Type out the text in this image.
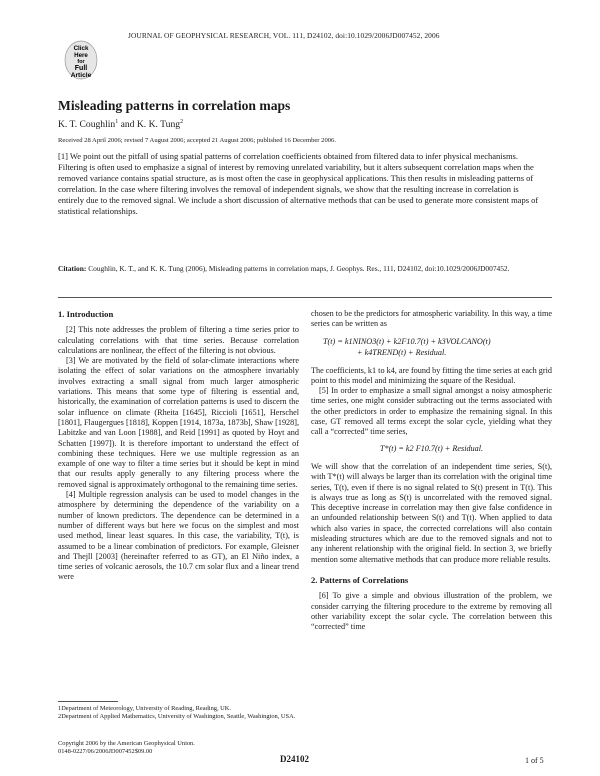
JOURNAL OF GEOPHYSICAL RESEARCH, VOL. 111, D24102, doi:10.1029/2006JD007452, 2006
Click
Here
for
Full
Article
Misleading patterns in correlation maps
K. T. Coughlin$^1$ and K. K. Tung$^2$
Received 28 April 2006; revised 7 August 2006; accepted 21 August 2006; published 16 December 2006.

[1] We point out the pitfall of using spatial patterns of correlation coefficients obtained from filtered data to infer physical mechanisms. Filtering is often used to emphasize a signal of interest by removing unrelated variability, but it alters subsequent correlation maps when the removed variance contains spatial structure, as is most often the case in geophysical applications. This then results in misleading patterns of correlation. In the case where filtering involves the removal of independent signals, we show that the resulting increase in correlation is entirely due to the removed signal. We include a short discussion of alternative methods that can be used to generate more consistent maps of statistical relationships.

Citation: Coughlin, K. T., and K. K. Tung (2006), Misleading patterns in correlation maps, J. Geophys. Res., 111, D24102, doi:10.1029/2006JD007452.

1. Introduction

[2] This note addresses the problem of filtering a time series prior to calculating correlations with that time series. Because correlation calculations are nonlinear, the effect of the filtering is not obvious.

[3] We are motivated by the field of solar-climate interactions where isolating the effect of solar variations on the atmosphere invariably involves extracting a small signal from much larger atmospheric variations. This means that some type of filtering is essential and, historically, the examination of correlation patterns is used to discern the solar influence on climate (Rheita [1645], Riccioli [1651], Herschel [1801], Flaugergues [1818], Koppen [1914, 1873a, 1873b], Shaw [1928], Labitzke and van Loon [1988], and Reid [1991] as quoted by Hoyt and Schatten [1997]). It is therefore important to understand the effect of combining these techniques. Here we use multiple regression as an example of one way to filter a time series but it should be kept in mind that our results apply generally to any filtering process where the removed signal is approximately orthogonal to the remaining time series.

[4] Multiple regression analysis can be used to model changes in the atmosphere by determining the dependence of the variability on a number of known predictors. The dependence can be determined in a number of different ways but here we focus on the simplest and most used method, linear least squares. In this case, the variability, T(t), is assumed to be a linear combination of predictors. For example, Gleisner and Thejll [2003] (hereinafter referred to as GT), an El Niño index, a time series of volcanic aerosols, the 10.7 cm solar flux and a linear trend were

chosen to be the predictors for atmospheric variability. In this way, a time series can be written as

T(t) = k1NINO3(t) + k2F10.7(t) + k3VOLCANO(t)
+ k4TREND(t) + Residual.

The coefficients, k1 to k4, are found by fitting the time series at each grid point to this model and minimizing the square of the Residual.

[5] In order to emphasize a small signal amongst a noisy atmospheric time series, one might consider subtracting out the terms associated with the other predictors in order to emphasize the remaining signal. In this case, GT removed all terms except the solar cycle, yielding what they call a “corrected” time series,

T*(t) = k2 F10.7(t) + Residual.

We will show that the correlation of an independent time series, S(t), with T*(t) will always be larger than its correlation with the original time series, T(t), even if there is no signal related to S(t) present in T(t). This is always true as long as S(t) is uncorrelated with the removed signal. This deceptive increase in correlation may then give false confidence in an unfounded relationship between S(t) and T(t). When applied to data which also varies in space, the corrected correlations will also contain misleading structures which are due to the removed signals and not to any inherent relationship with the original field. In section 3, we briefly mention some alternative methods that can produce more reliable results.

2. Patterns of Correlations

[6] To give a simple and obvious illustration of the problem, we consider carrying the filtering procedure to the extreme by removing all other variability except the solar cycle. The correlation between this “corrected” time

1Department of Meteorology, University of Reading, Reading, UK.
2Department of Applied Mathematics, University of Washington, Seattle, Washington, USA.
Copyright 2006 by the American Geophysical Union.
0148-0227/06/2006JD007452$09.00
D24102	1 of 5
